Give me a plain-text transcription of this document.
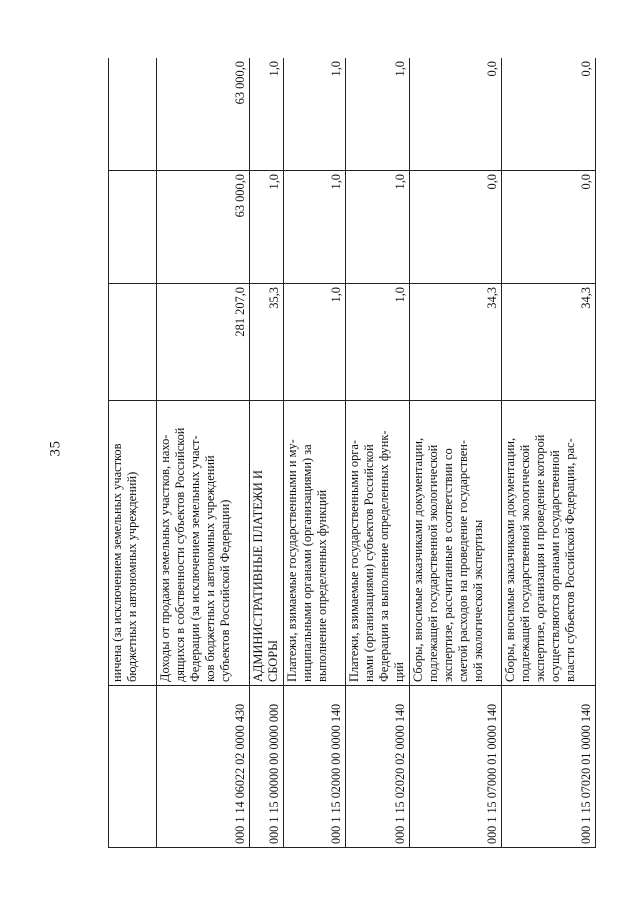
35

	ничена (за исключением земельных участков бюджетных и автономных учреждений)			

000 1 14 06022 02 0000 430	Доходы от продажи земельных участков, нахо- дящихся в собственности субъектов Российской Федерации (за исключением земельных участ- ков бюджетных и автономных учреждений субъектов Российской Федерации)	281 207,0	63 000,0	63 000,0
000 1 15 00000 00 0000 000	АДМИНИСТРАТИВНЫЕ ПЛАТЕЖИ И СБОРЫ	35,3	1,0	1,0
000 1 15 02000 00 0000 140	Платежи, взимаемые государственными и му- ниципальными органами (организациями) за выполнение определенных функций	1,0	1,0	1,0
000 1 15 02020 02 0000 140	Платежи, взимаемые государственными орга- нами (организациями) субъектов Российской Федерации за выполнение определенных функ- ций	1,0	1,0	1,0
000 1 15 07000 01 0000 140	Сборы, вносимые заказчиками документации, подлежащей государственной экологической экспертизе, рассчитанные в соответствии со сметой расходов на проведение государствен- ной экологической экспертизы	34,3	0,0	0,0
000 1 15 07020 01 0000 140	Сборы, вносимые заказчиками документации, подлежащей государственной экологической экспертизе, организация и проведение которой осуществляются органами государственной власти субъектов Российской Федерации, рас-	34,3	0,0	0,0
